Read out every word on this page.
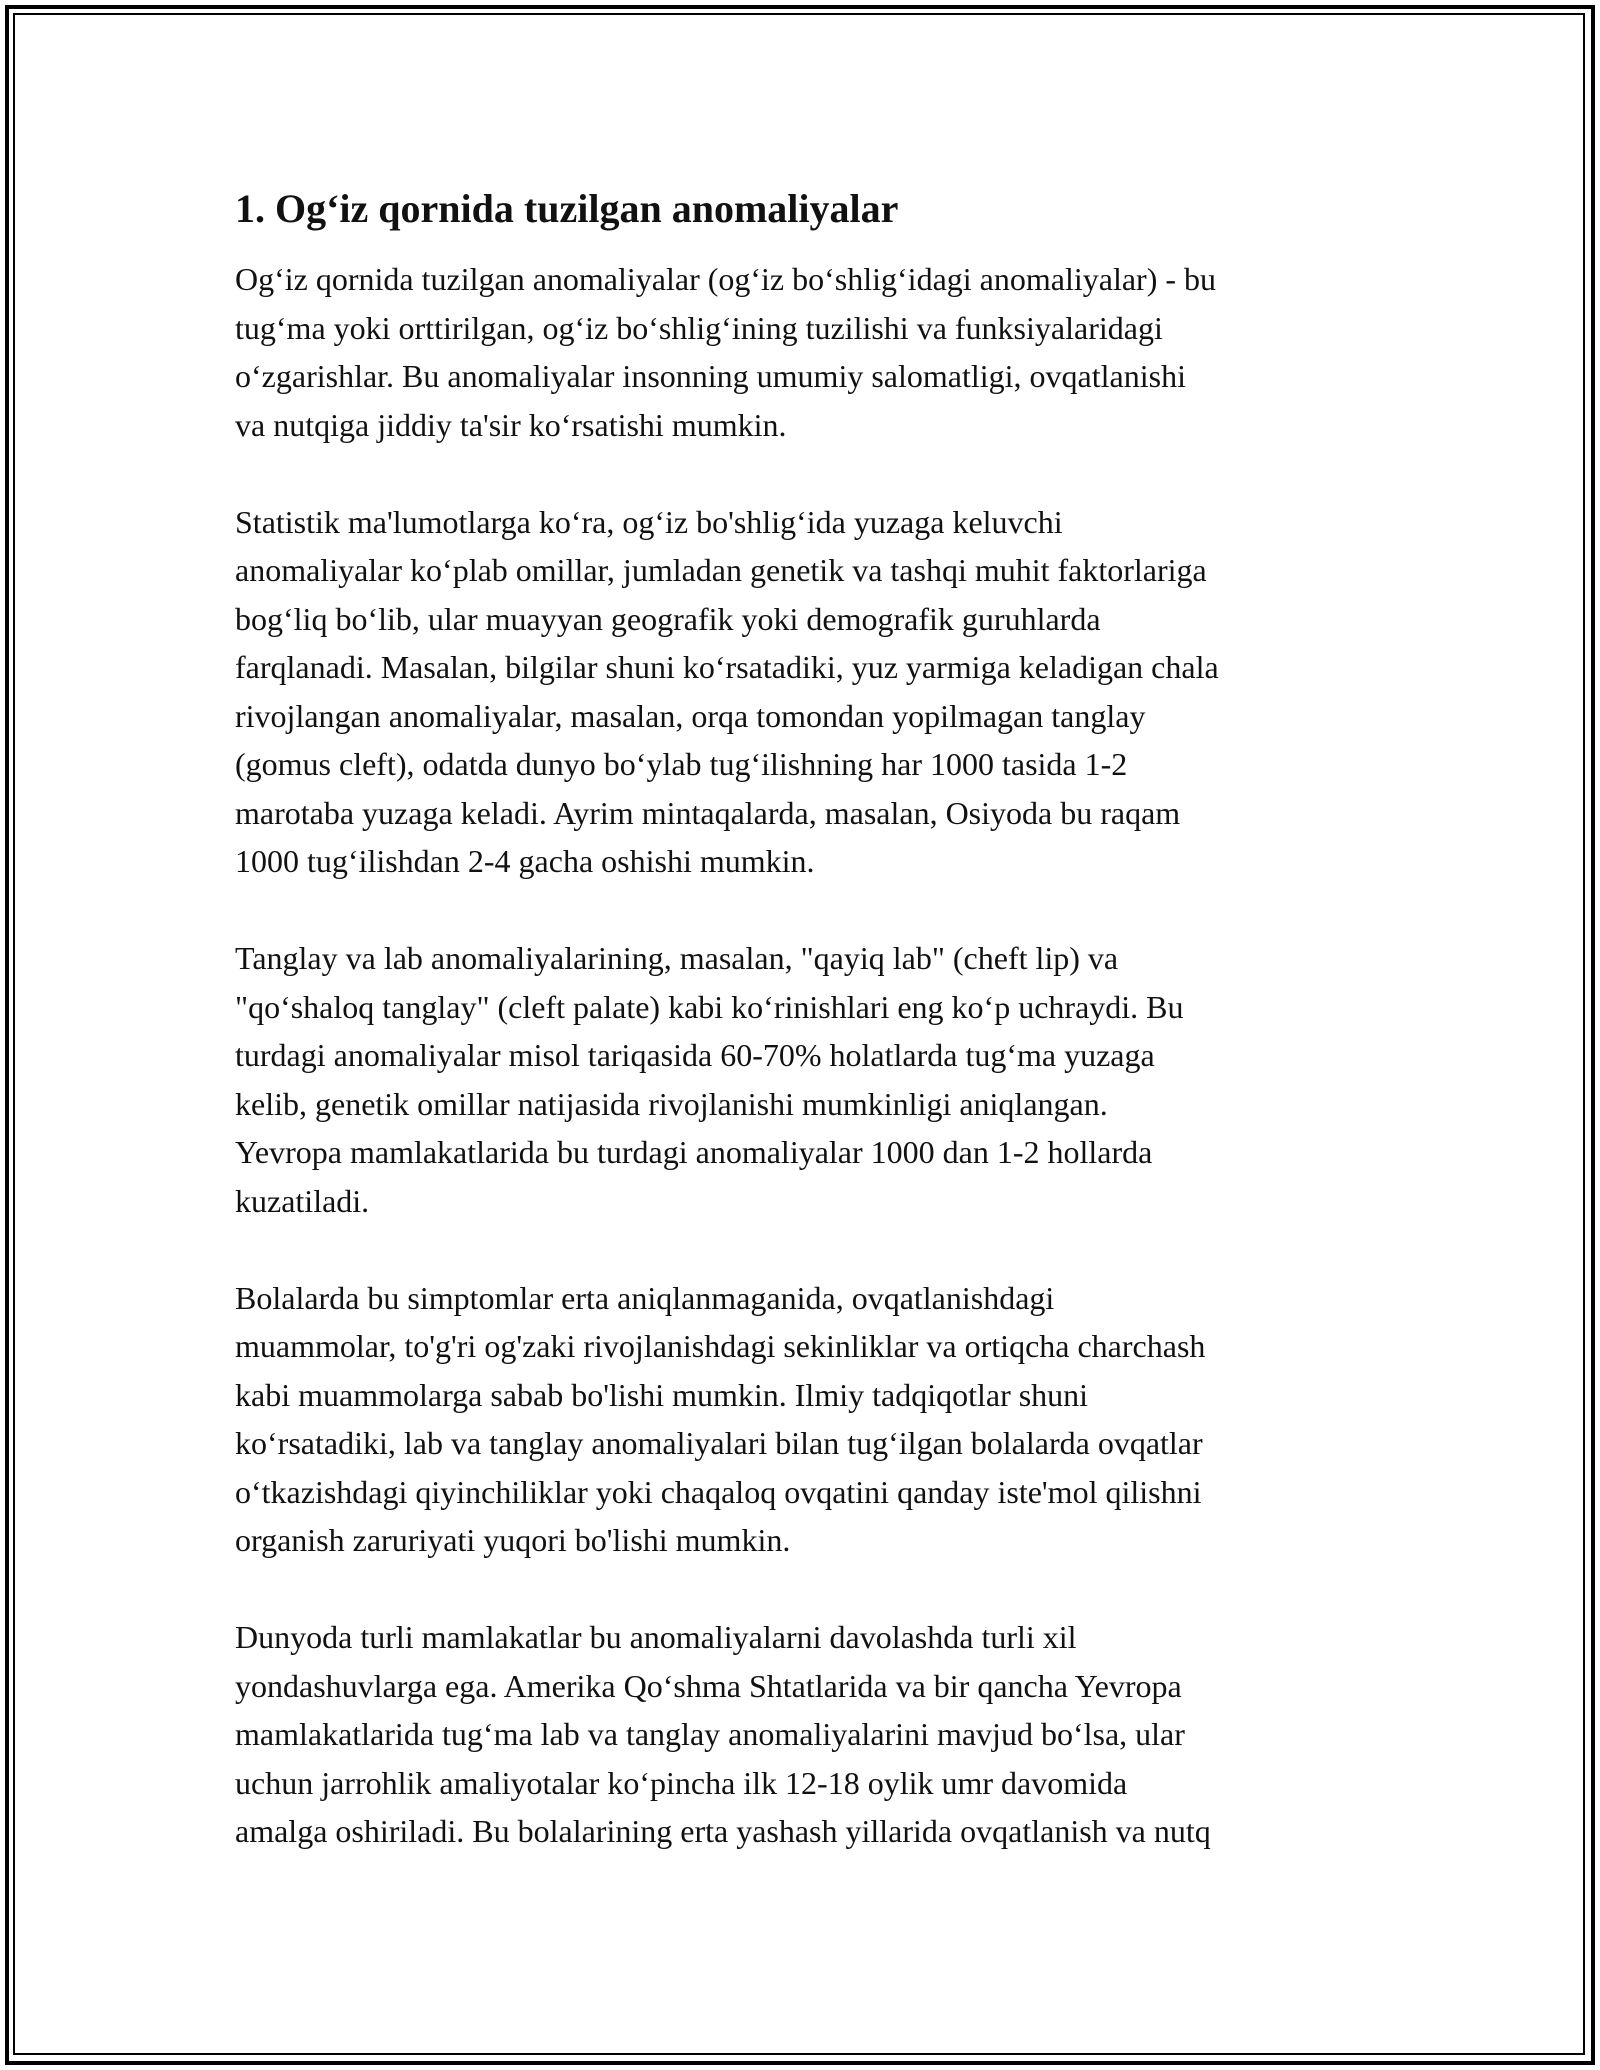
1. Og‘iz qornida tuzilgan anomaliyalar
Og‘iz qornida tuzilgan anomaliyalar (og‘iz bo‘shlig‘idagi anomaliyalar) - bu
tug‘ma yoki orttirilgan, og‘iz bo‘shlig‘ining tuzilishi va funksiyalaridagi
o‘zgarishlar. Bu anomaliyalar insonning umumiy salomatligi, ovqatlanishi
va nutqiga jiddiy ta'sir ko‘rsatishi mumkin.
Statistik ma'lumotlarga ko‘ra, og‘iz bo'shlig‘ida yuzaga keluvchi
anomaliyalar ko‘plab omillar, jumladan genetik va tashqi muhit faktorlariga
bog‘liq bo‘lib, ular muayyan geografik yoki demografik guruhlarda
farqlanadi. Masalan, bilgilar shuni ko‘rsatadiki, yuz yarmiga keladigan chala
rivojlangan anomaliyalar, masalan, orqa tomondan yopilmagan tanglay
(gomus cleft), odatda dunyo bo‘ylab tug‘ilishning har 1000 tasida 1-2
marotaba yuzaga keladi. Ayrim mintaqalarda, masalan, Osiyoda bu raqam
1000 tug‘ilishdan 2-4 gacha oshishi mumkin.
Tanglay va lab anomaliyalarining, masalan, "qayiq lab" (cheft lip) va
"qo‘shaloq tanglay" (cleft palate) kabi ko‘rinishlari eng ko‘p uchraydi. Bu
turdagi anomaliyalar misol tariqasida 60-70% holatlarda tug‘ma yuzaga
kelib, genetik omillar natijasida rivojlanishi mumkinligi aniqlangan.
Yevropa mamlakatlarida bu turdagi anomaliyalar 1000 dan 1-2 hollarda
kuzatiladi.
Bolalarda bu simptomlar erta aniqlanmaganida, ovqatlanishdagi
muammolar, to'g'ri og'zaki rivojlanishdagi sekinliklar va ortiqcha charchash
kabi muammolarga sabab bo'lishi mumkin. Ilmiy tadqiqotlar shuni
ko‘rsatadiki, lab va tanglay anomaliyalari bilan tug‘ilgan bolalarda ovqatlar
o‘tkazishdagi qiyinchiliklar yoki chaqaloq ovqatini qanday iste'mol qilishni
organish zaruriyati yuqori bo'lishi mumkin.
Dunyoda turli mamlakatlar bu anomaliyalarni davolashda turli xil
yondashuvlarga ega. Amerika Qo‘shma Shtatlarida va bir qancha Yevropa
mamlakatlarida tug‘ma lab va tanglay anomaliyalarini mavjud bo‘lsa, ular
uchun jarrohlik amaliyotalar ko‘pincha ilk 12-18 oylik umr davomida
amalga oshiriladi. Bu bolalarining erta yashash yillarida ovqatlanish va nutq
